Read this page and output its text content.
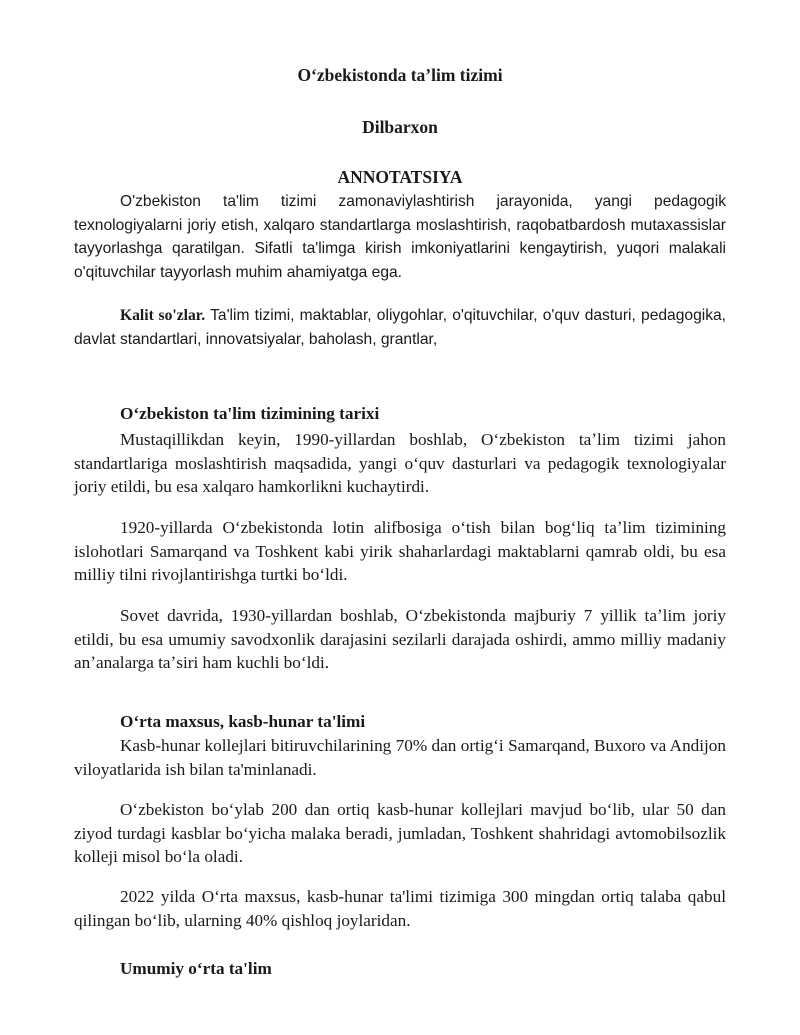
Oʻzbekistonda taʼlim tizimi
Dilbarxon
ANNOTATSIYA

O'zbekiston ta'lim tizimi zamonaviylashtirish jarayonida, yangi pedagogik texnologiyalarni joriy etish, xalqaro standartlarga moslashtirish, raqobatbardosh mutaxassislar tayyorlashga qaratilgan. Sifatli ta'limga kirish imkoniyatlarini kengaytirish, yuqori malakali o'qituvchilar tayyorlash muhim ahamiyatga ega.

Kalit so'zlar. Ta'lim tizimi, maktablar, oliygohlar, o'qituvchilar, o'quv dasturi, pedagogika, davlat standartlari, innovatsiyalar, baholash, grantlar,

Oʻzbekiston ta'lim tizimining tarixi

Mustaqillikdan keyin, 1990-yillardan boshlab, Oʻzbekiston taʼlim tizimi jahon standartlariga moslashtirish maqsadida, yangi oʻquv dasturlari va pedagogik texnologiyalar joriy etildi, bu esa xalqaro hamkorlikni kuchaytirdi.

1920-yillarda Oʻzbekistonda lotin alifbosiga oʻtish bilan bogʻliq taʼlim tizimining islohotlari Samarqand va Toshkent kabi yirik shaharlardagi maktablarni qamrab oldi, bu esa milliy tilni rivojlantirishga turtki boʻldi.

Sovet davrida, 1930-yillardan boshlab, Oʻzbekistonda majburiy 7 yillik taʼlim joriy etildi, bu esa umumiy savodxonlik darajasini sezilarli darajada oshirdi, ammo milliy madaniy anʼanalarga taʼsiri ham kuchli boʻldi.

Oʻrta maxsus, kasb-hunar ta'limi

Kasb-hunar kollejlari bitiruvchilarining 70% dan ortigʻi Samarqand, Buxoro va Andijon viloyatlarida ish bilan ta'minlanadi.

Oʻzbekiston boʻylab 200 dan ortiq kasb-hunar kollejlari mavjud boʻlib, ular 50 dan ziyod turdagi kasblar boʻyicha malaka beradi, jumladan, Toshkent shahridagi avtomobilsozlik kolleji misol boʻla oladi.

2022 yilda Oʻrta maxsus, kasb-hunar ta'limi tizimiga 300 mingdan ortiq talaba qabul qilingan boʻlib, ularning 40% qishloq joylaridan.

Umumiy oʻrta ta'lim
